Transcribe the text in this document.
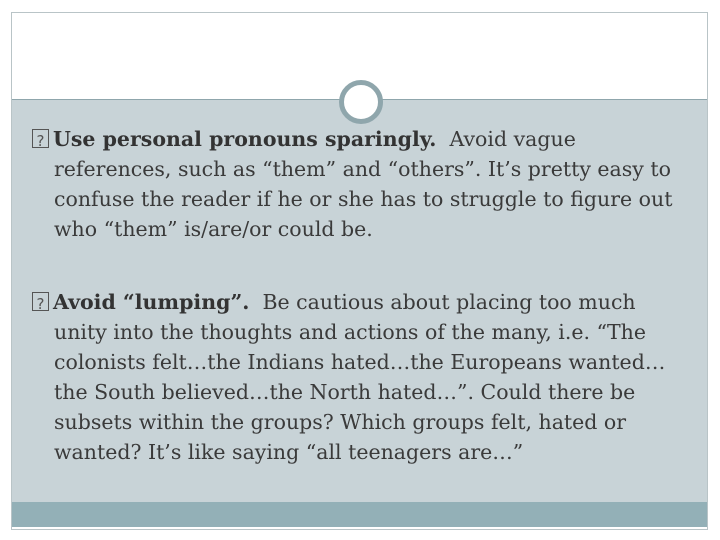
?Use personal pronouns sparingly. Avoid vague references, such as “them” and “others”. It’s pretty easy to confuse the reader if he or she has to struggle to figure out who “them” is/are/or could be.
?Avoid “lumping”. Be cautious about placing too much unity into the thoughts and actions of the many, i.e. “The colonists felt…the Indians hated…the Europeans wanted…the South believed…the North hated…”. Could there be subsets within the groups? Which groups felt, hated or wanted? It’s like saying “all teenagers are…”
